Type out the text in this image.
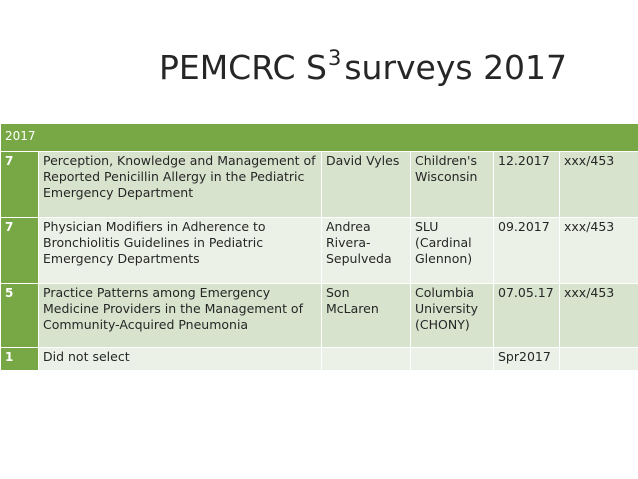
PEMCRC $S^3surveys$ 2017
2017					
7	Perception, Knowledge and Management of Reported Penicillin Allergy in the Pediatric Emergency Department	David Vyles	Children's Wisconsin	12.2017	xxx/453
7	Physician Modifiers in Adherence to Bronchiolitis Guidelines in Pediatric Emergency Departments	Andrea Rivera-Sepulveda	SLU (Cardinal Glennon)	09.2017	xxx/453
5	Practice Patterns among Emergency Medicine Providers in the Management of Community-Acquired Pneumonia	Son McLaren	Columbia University (CHONY)	07.05.17	xxx/453
1	Did not select			Spr2017	
